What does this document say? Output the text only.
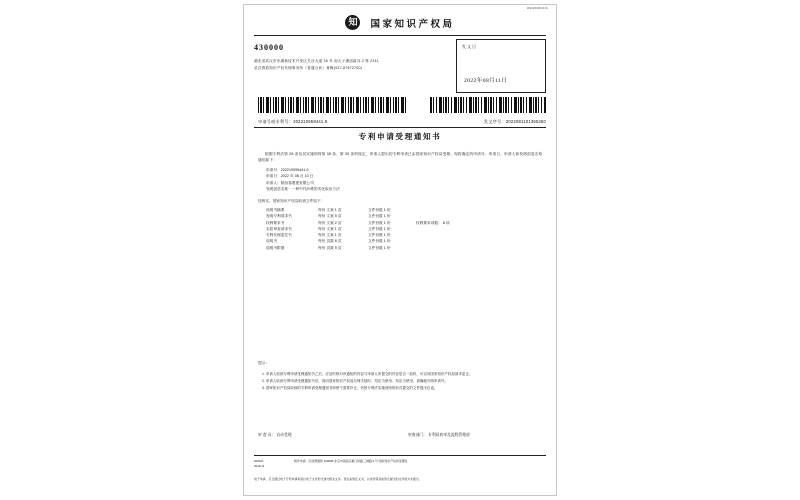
W2220900101S
知	国家知识产权局
430000
湖北省武汉市东湖新技术开发区关谷大道 18 号 南大子湖创新谷 2 栋 2311
武汉维盾知识产权代理事务所（普通合伙）蒋梅(027-87672700)
发文日
2022年08月11日
申请号或专利号：202210959441.9	发文序号：2022081101365360
专利申请受理通知书
根据专利法第 28 条及其实施细则第 38 条、第 39 条的规定，申请人提出的专利申请已由国家知识产权局受理。现将确定的申请号、申请日、申请人和发明创造名称通知如下：
申请号：202210959441.9
申请日：2022 年 08 月 10 日
申请人：陕西春蕾建有限公司
发明创造名称：一种中代纤维的劣化取出方法
经核实，国家知识产权局收到文件如下：
说明书摘要	每份 文案 1 页	文件份数 1 份
发明专利请求书	每份 文案 5 页	文件份数 1 份
权利要求书	每份 文案 2 页	文件份数 1 份	权利要求项数： 8 项
实质审查请求书	每份 文案 1 页	文件份数 1 份
专利代理委托书	每份 文案 1 页	文件份数 1 份
说明书	每份 页数 8 页	文件份数 1 份
说明书附图	每份 页数 5 页	文件份数 1 份
提示：
1. 申请人收到专利申请受理通知书之后，应及时核对该通知的内容与申请人所提交的内容是否一致时，可以向国家知识产权局请求更正。
2. 申请人收到专利申请受理通知书后，再向国家知识产权局办理手续时，均应当使用、均应当使用、请确地写明申请号。
3. 国家知识产权局收到的专利申请受理通知书即使不需要补正，仍按专利法实施细则的形式提交的文件提出在途。
审 查 员： 自动受理	审查部门： 专利局初审及流程管理部
200101
2019.11
纸件申请、四封滑通知 100088 北京市海淀区蓟门桥路三城路 6 号 国家知识产权局受理处
电子申请、应当通过电子专利申请系统以电子文件形式递交相关文件。使关系规定文书，以该传等其他形式提交的文件视为未提交。
